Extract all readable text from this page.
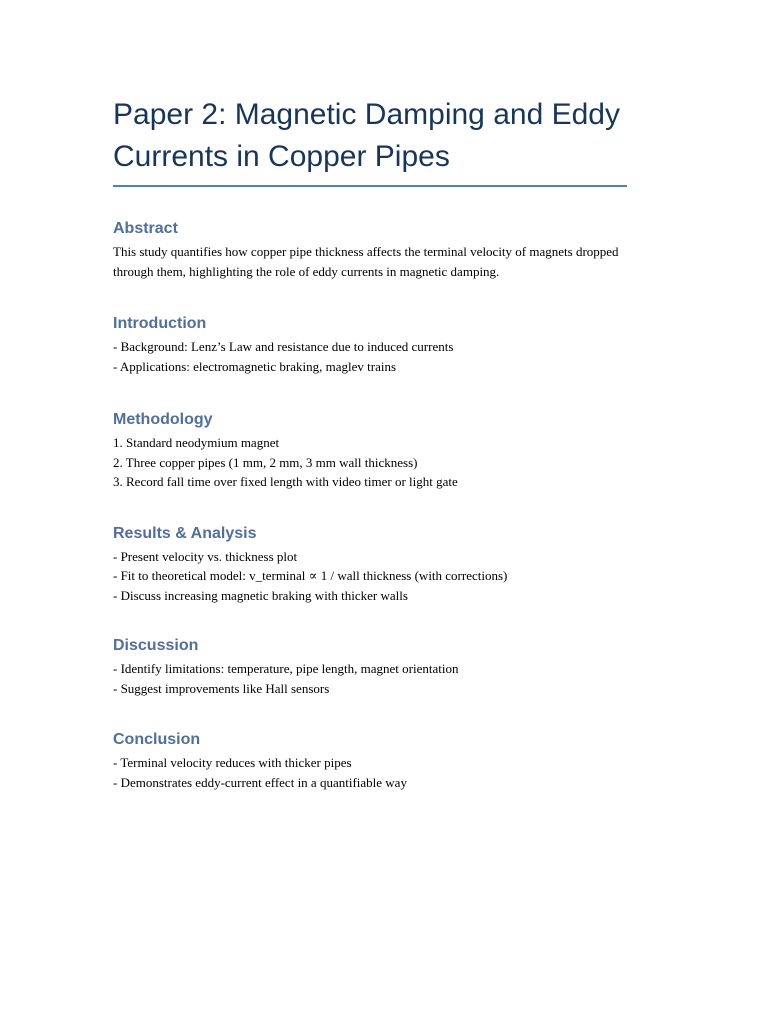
Paper 2: Magnetic Damping and Eddy Currents in Copper Pipes
Abstract

This study quantifies how copper pipe thickness affects the terminal velocity of magnets dropped through them, highlighting the role of eddy currents in magnetic damping.

Introduction
- Background: Lenz’s Law and resistance due to induced currents
- Applications: electromagnetic braking, maglev trains
Methodology
1. Standard neodymium magnet
2. Three copper pipes (1 mm, 2 mm, 3 mm wall thickness)
3. Record fall time over fixed length with video timer or light gate
Results & Analysis
- Present velocity vs. thickness plot
- Fit to theoretical model: v_terminal ∝ 1 / wall thickness (with corrections)
- Discuss increasing magnetic braking with thicker walls
Discussion
- Identify limitations: temperature, pipe length, magnet orientation
- Suggest improvements like Hall sensors
Conclusion
- Terminal velocity reduces with thicker pipes
- Demonstrates eddy-current effect in a quantifiable way
